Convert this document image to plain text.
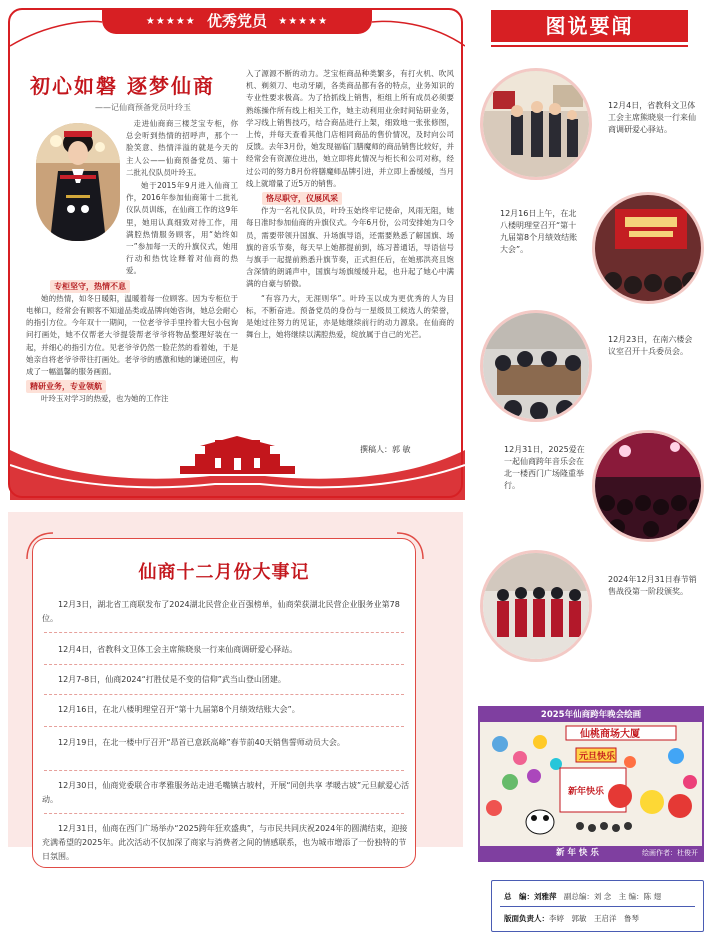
★★★★★ 优秀党员 ★★★★★
初心如磐 逐梦仙商
——记仙商预备党员叶玲玉

走进仙商商三楼芝宝专柜，你总会听到热情的招呼声，那个一脸笑意、热情洋溢的就是今天的主人公——仙商预备党员、第十二批礼仪队员叶玲玉。

她于2015年9月进入仙商工作，2016年参加仙商第十二批礼仪队员训练，在仙商工作的这9年里，她用认真细致对待工作，用满腔热情服务顾客，用“始终如一”参加每一天的升旗仪式，她用行动和热忱诠释着对仙商的热爱。

专柜坚守，热情不息

她的热情，如冬日暖阳，温暖着每一位顾客。因为专柜位于电梯口，经常会有顾客不知道品类或品牌向她咨询，她总会耐心的指引方位。今年双十一期间，一位老爷爷手里拎着大包小包询问打画处，她不仅帮老大爷提袋帮老爷爷将物品整理好装在一起，并细心的指引方位。见老爷爷仍然一脸茫然的看着她，于是她亲自将老爷爷带往打画处。老爷爷的感激和她的谦逊回应，构成了一幅温馨的服务画面。

精研业务，专业领航

叶玲玉对学习的热爱，也为她的工作注

入了源源不断的动力。芝宝柜商品种类繁多，有打火机、吹风机、剃须刀、电动牙刷，各类商品都有各的特点，业务知识的专业性要求极高。为了拾抓线上销售，柜组上所有成员必须要熟练操作所有线上相关工作，她主动利用业余时间钻研业务，学习线上销售技巧，结合商品进行上架，细致地一张张修图，上传，并每天查看其他门店相同商品的售价情况，及时向公司反馈。去年3月份，她发现福临门膳魔师的商品销售比较好，并经常会有资源位进出，她立即将此情况与柜长和公司对称，经过公司的努力8月份将膳魔师品牌引进，并立即上番缓缓，当月线上就增量了近5万的销售。

恪尽职守，仪展风采

作为一名礼仪队员，叶玲玉始终牢记使命，风雨无阻，她每日准时参加仙商的升旗仪式。今年6月份，公司安排她为口令员，需要带领升国旗、升场旗导语，还需要熟悉了解国旗、场旗的音乐节奏，每天早上她都提前到，练习普通话，导语信号与旗手一起提前熟悉升旗节奏，正式担任后，在她那洪亮且饱含深情的朗诵声中，国旗与场旗缓缓升起，也升起了她心中满满的自豪与骄傲。

“有容乃大，无涯则华”。叶玲玉以成为更优秀的人为目标，不断奋进。预备党员的身份与一星级员工候选人的荣誉，是她过往努力的见证，亦是她继续前行的动力源泉。在仙商的舞台上，她将继续以满腔热爱，绽放属于自己的光芒。

撰稿人：郭 敏
仙商十二月份大事记

12月3日，湖北省工商联发布了2024湖北民营企业百强榜单，仙商荣获湖北民营企业服务业第78位。

12月4日，省教科文卫体工会主席熊晓泉一行来仙商调研爱心驿站。

12月7-8日，仙商2024“打胜仗是不变的信仰”武当山登山团建。

12月16日，在北八楼明理堂召开“第十九届第8个月绩效结账大会”。

12月19日，在北一楼中厅召开“昂首已意跃高峰”春节前40天销售誓师动员大会。

12月30日，仙商党委联合市孝雅服务站走进毛嘴镇古坡村，开展“同创共享 孝暖古坡”元旦献爱心活动。

12月31日，仙商在西门广场举办“2025跨年狂欢盛典”，与市民共同庆祝2024年的圆满结束，迎接充满希望的2025年。此次活动不仅加深了商家与消费者之间的情感联系，也为城市增添了一份独特的节日氛围。

图说要闻
12月4日，省教科文卫体工会主席熊晓泉一行来仙商调研爱心驿站。
12月16日上午，在北八楼明理堂召开“第十九届第8个月绩效结账大会”。
12月23日，在南六楼会议室召开十兵委员会。
12月31日，2025爱在一起仙商跨年音乐会在北一楼西门广场隆重举行。
2024年12月31日春节销售战役第一阶段颁奖。
2025年仙商跨年晚会绘画
仙桃商场大厦
元旦快乐
新年快乐
新 年 快 乐	绘画作者：杜俊开
总　编：刘雅萍 副总编：刘 念 主 编：陈 翅
版面负责人：李婷　郭敏　王启洋　鲁琴
